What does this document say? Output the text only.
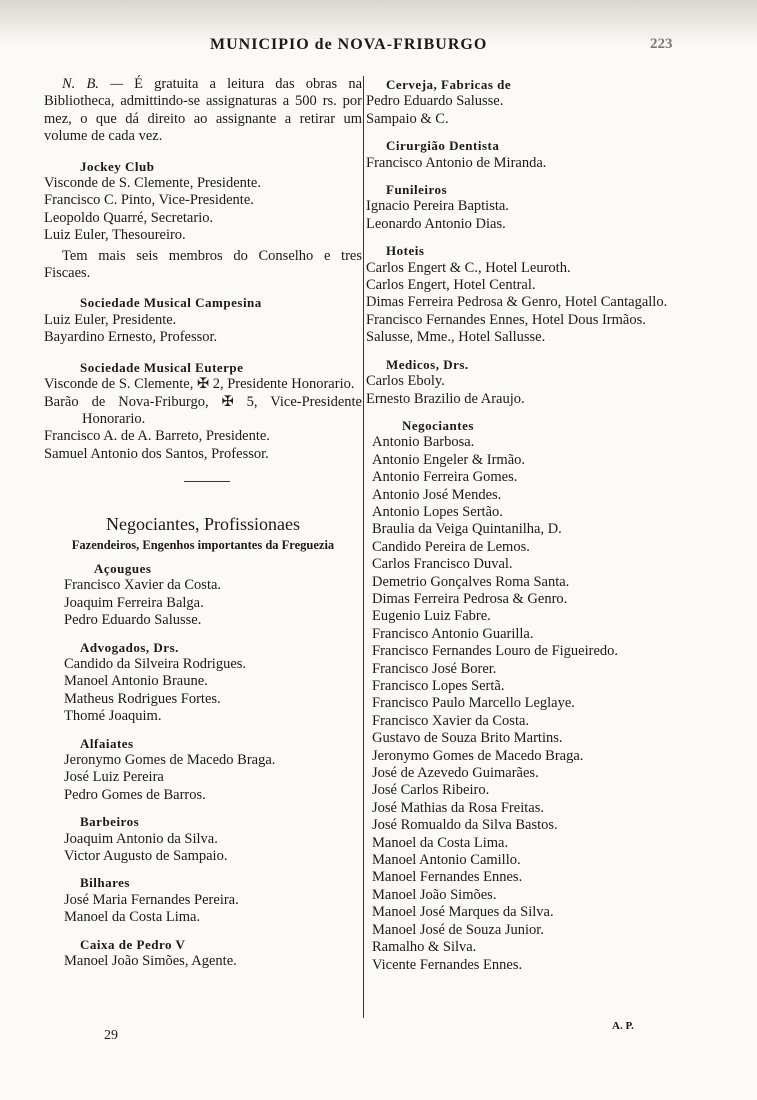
MUNICIPIO de NOVA-FRIBURGO	223

N. B. — É gratuita a leitura das obras na Bibliotheca, admittindo-se assignaturas a 500 rs. por mez, o que dá direito ao assignante a retirar um volume de cada vez.

Jockey Club

Visconde de S. Clemente, Presidente.

Francisco C. Pinto, Vice-Presidente.

Leopoldo Quarré, Secretario.

Luiz Euler, Thesoureiro.

Tem mais seis membros do Conselho e tres Fiscaes.

Sociedade Musical Campesina

Luiz Euler, Presidente.

Bayardino Ernesto, Professor.

Sociedade Musical Euterpe

Visconde de S. Clemente, ✠ 2, Presidente Honorario.

Barão de Nova-Friburgo, ✠ 5, Vice-Presidente Honorario.

Francisco A. de A. Barreto, Presidente.

Samuel Antonio dos Santos, Professor.

Negociantes, Profissionaes

Fazendeiros, Engenhos importantes da Freguezia

Açougues

Francisco Xavier da Costa.

Joaquim Ferreira Balga.

Pedro Eduardo Salusse.

Advogados, Drs.

Candido da Silveira Rodrigues.

Manoel Antonio Braune.

Matheus Rodrigues Fortes.

Thomé Joaquim.

Alfaiates

Jeronymo Gomes de Macedo Braga.

José Luiz Pereira

Pedro Gomes de Barros.

Barbeiros

Joaquim Antonio da Silva.

Victor Augusto de Sampaio.

Bilhares

José Maria Fernandes Pereira.

Manoel da Costa Lima.

Caixa de Pedro V

Manoel João Simões, Agente.

Cerveja, Fabricas de

Pedro Eduardo Salusse.

Sampaio & C.

Cirurgião Dentista

Francisco Antonio de Miranda.

Funileiros

Ignacio Pereira Baptista.

Leonardo Antonio Dias.

Hoteis

Carlos Engert & C., Hotel Leuroth.

Carlos Engert, Hotel Central.

Dimas Ferreira Pedrosa & Genro, Hotel Cantagallo.

Francisco Fernandes Ennes, Hotel Dous Irmãos.

Salusse, Mme., Hotel Sallusse.

Medicos, Drs.

Carlos Eboly.

Ernesto Brazilio de Araujo.

Negociantes

Antonio Barbosa.

Antonio Engeler & Irmão.

Antonio Ferreira Gomes.

Antonio José Mendes.

Antonio Lopes Sertão.

Braulia da Veiga Quintanilha, D.

Candido Pereira de Lemos.

Carlos Francisco Duval.

Demetrio Gonçalves Roma Santa.

Dimas Ferreira Pedrosa & Genro.

Eugenio Luiz Fabre.

Francisco Antonio Guarilla.

Francisco Fernandes Louro de Figueiredo.

Francisco José Borer.

Francisco Lopes Sertã.

Francisco Paulo Marcello Leglaye.

Francisco Xavier da Costa.

Gustavo de Souza Brito Martins.

Jeronymo Gomes de Macedo Braga.

José de Azevedo Guimarães.

José Carlos Ribeiro.

José Mathias da Rosa Freitas.

José Romualdo da Silva Bastos.

Manoel da Costa Lima.

Manoel Antonio Camillo.

Manoel Fernandes Ennes.

Manoel João Simões.

Manoel José Marques da Silva.

Manoel José de Souza Junior.

Ramalho & Silva.

Vicente Fernandes Ennes.

29
A. P.
